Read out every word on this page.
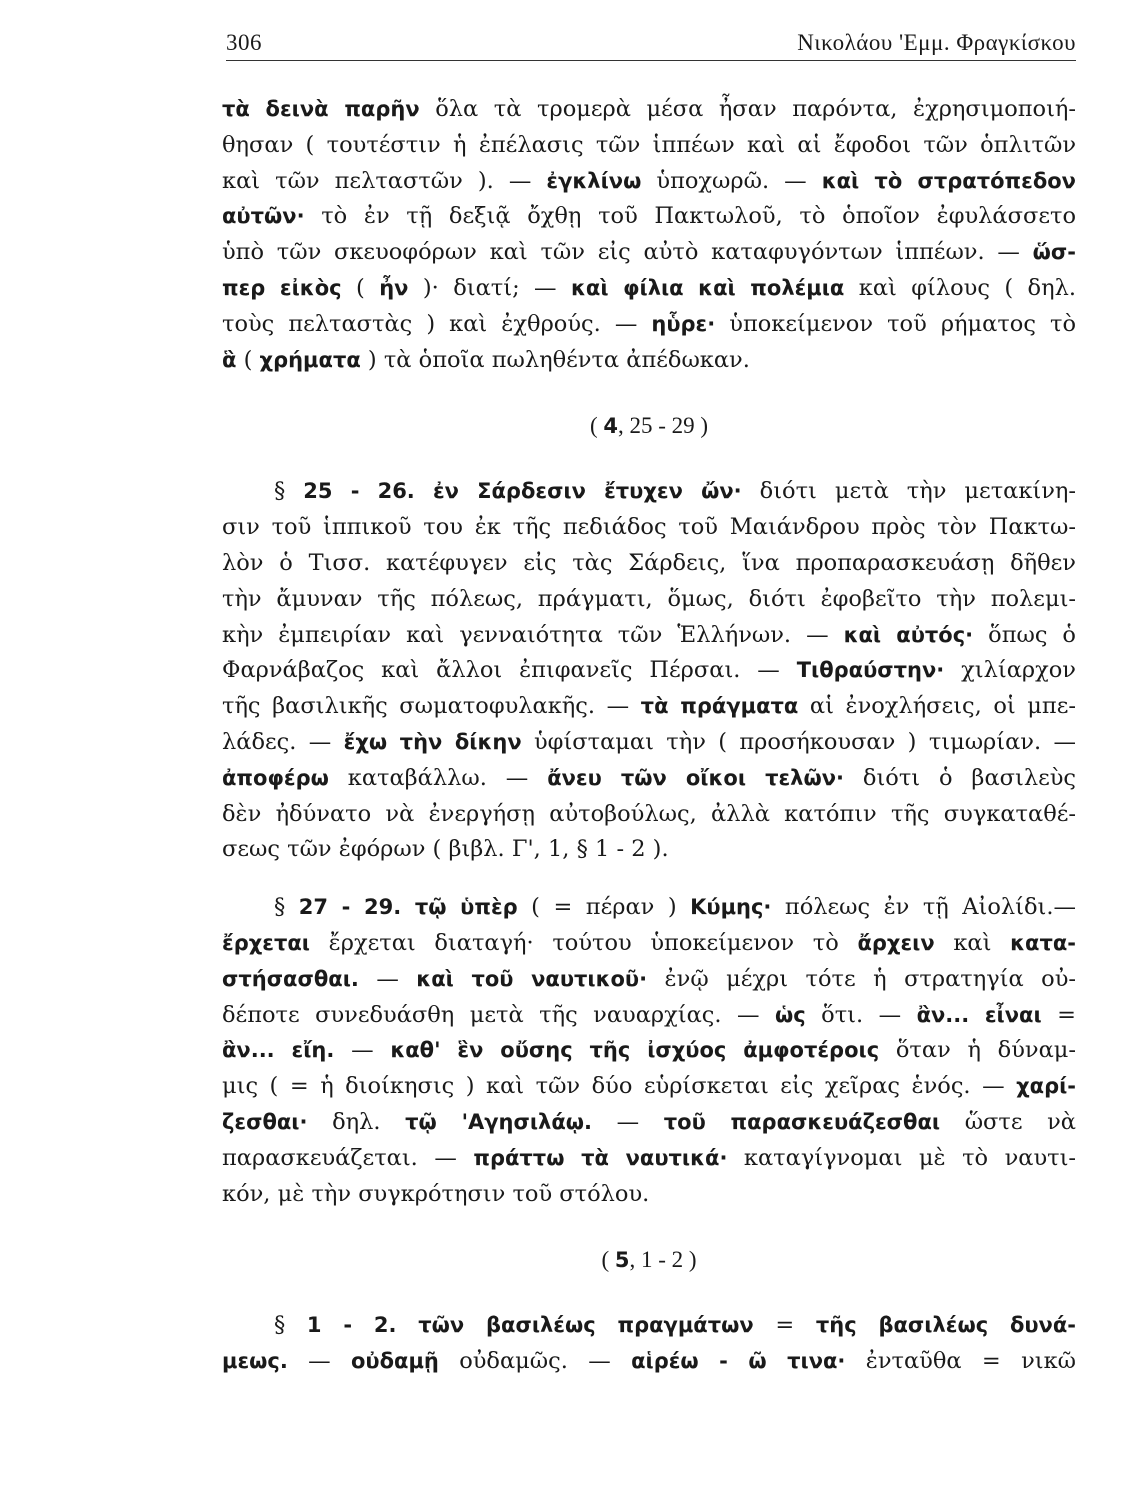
306	Νικολάου 'Εμμ. Φραγκίσκου
τὰ δεινὰ παρῆν ὅλα τὰ τρομερὰ μέσα ἦσαν παρόντα, ἐχρησιμοποιή-
θησαν ( τουτέστιν ἡ ἐπέλασις τῶν ἱππέων καὶ αἱ ἔφοδοι τῶν ὁπλιτῶν
καὶ τῶν πελταστῶν ). — ἐγκλίνω ὑποχωρῶ. — καὶ τὸ στρατόπεδον
αὐτῶν· τὸ ἐν τῇ δεξιᾷ ὄχθῃ τοῦ Πακτωλοῦ, τὸ ὁποῖον ἐφυλάσσετο
ὑπὸ τῶν σκευοφόρων καὶ τῶν εἰς αὐτὸ καταφυγόντων ἱππέων. — ὥσ-
περ εἰκὸς ( ἦν )· διατί; — καὶ φίλια καὶ πολέμια καὶ φίλους ( δηλ.
τοὺς πελταστὰς ) καὶ ἐχθρούς. — ηὗρε· ὑποκείμενον τοῦ ρήματος τὸ
ἃ ( χρήματα ) τὰ ὁποῖα πωληθέντα ἀπέδωκαν.
( 4, 25 - 29 )
§ 25 - 26. ἐν Σάρδεσιν ἔτυχεν ὤν· διότι μετὰ τὴν μετακίνη-
σιν τοῦ ἱππικοῦ του ἐκ τῆς πεδιάδος τοῦ Μαιάνδρου πρὸς τὸν Πακτω-
λὸν ὁ Τισσ. κατέφυγεν εἰς τὰς Σάρδεις, ἵνα προπαρασκευάσῃ δῆθεν
τὴν ἄμυναν τῆς πόλεως, πράγματι, ὅμως, διότι ἐφοβεῖτο τὴν πολεμι-
κὴν ἐμπειρίαν καὶ γενναιότητα τῶν Ἑλλήνων. — καὶ αὐτός· ὅπως ὁ
Φαρνάβαζος καὶ ἄλλοι ἐπιφανεῖς Πέρσαι. — Τιθραύστην· χιλίαρχον
τῆς βασιλικῆς σωματοφυλακῆς. — τὰ πράγματα αἱ ἐνοχλήσεις, οἱ μπε-
λάδες. — ἔχω τὴν δίκην ὑφίσταμαι τὴν ( προσήκουσαν ) τιμωρίαν. —
ἀποφέρω καταβάλλω. — ἄνευ τῶν οἴκοι τελῶν· διότι ὁ βασιλεὺς
δὲν ἠδύνατο νὰ ἐνεργήσῃ αὐτοβούλως, ἀλλὰ κατόπιν τῆς συγκαταθέ-
σεως τῶν ἐφόρων ( βιβλ. Γ', 1, § 1 - 2 ).
§ 27 - 29. τῷ ὑπὲρ ( = πέραν ) Κύμης· πόλεως ἐν τῇ Αἰολίδι.—
ἔρχεται ἔρχεται διαταγή· τούτου ὑποκείμενον τὸ ἄρχειν καὶ κατα-
στήσασθαι. — καὶ τοῦ ναυτικοῦ· ἐνῷ μέχρι τότε ἡ στρατηγία οὐ-
δέποτε συνεδυάσθη μετὰ τῆς ναυαρχίας. — ὡς ὅτι. — ἂν... εἶναι =
ἂν... εἴη. — καθ' ἓν οὔσης τῆς ἰσχύος ἀμφοτέροις ὅταν ἡ δύναμ-
μις ( = ἡ διοίκησις ) καὶ τῶν δύο εὑρίσκεται εἰς χεῖρας ἑνός. — χαρί-
ζεσθαι· δηλ. τῷ 'Αγησιλάῳ. — τοῦ παρασκευάζεσθαι ὥστε νὰ
παρασκευάζεται. — πράττω τὰ ναυτικά· καταγίγνομαι μὲ τὸ ναυτι-
κόν, μὲ τὴν συγκρότησιν τοῦ στόλου.
( 5, 1 - 2 )
§ 1 - 2. τῶν βασιλέως πραγμάτων = τῆς βασιλέως δυνά-
μεως. — οὐδαμῇ οὐδαμῶς. — αἱρέω - ῶ τινα· ἐνταῦθα = νικῶ
